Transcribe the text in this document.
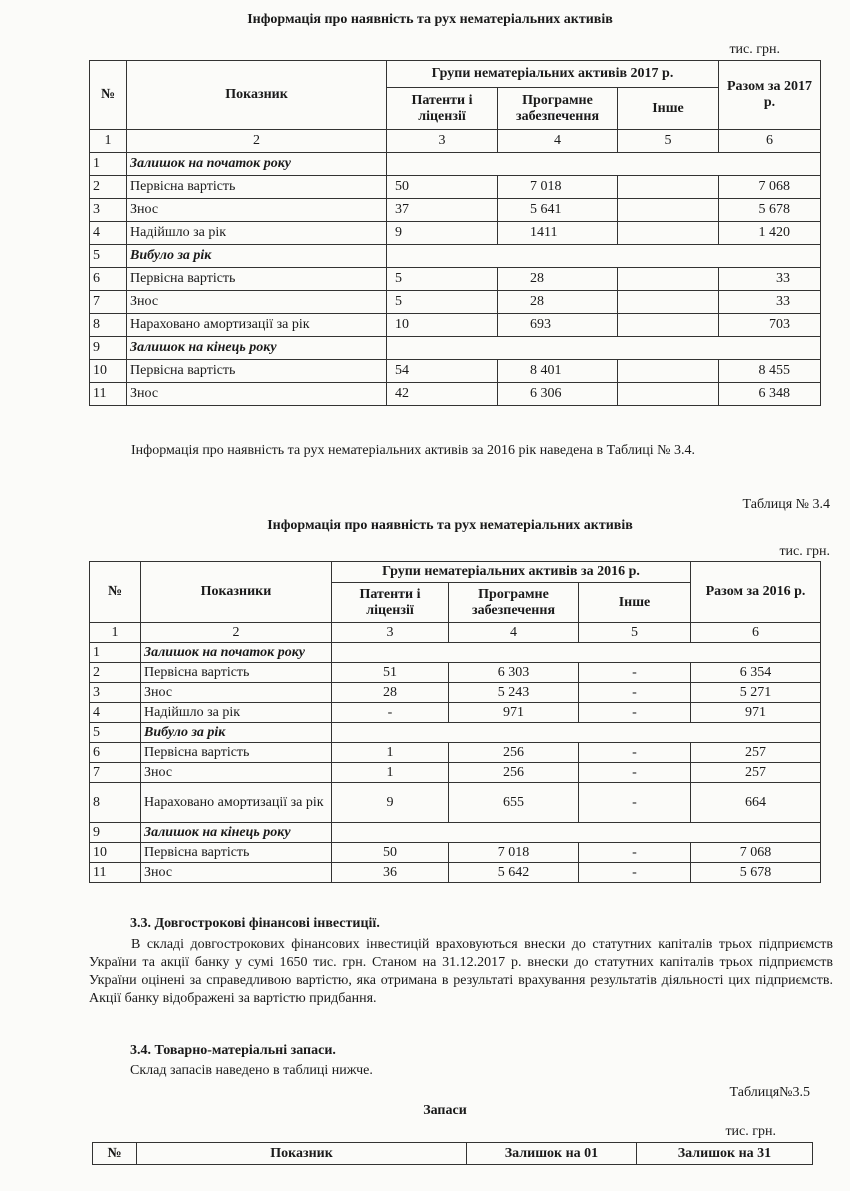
Інформація про наявність та рух нематеріальних активів
тис. грн.
№	Показник	Групи нематеріальних активів 2017 р.			Разом за 2017 р.
		Патенти і ліцензії	Програмне забезпечення	Інше	
1	2	3	4	5	6
1	Залишок на початок року				
2	Первісна вартість	50	7 018		7 068
3	Знос	37	5 641		5 678
4	Надійшло за рік	9	1411		1 420
5	Вибуло за рік				
6	Первісна вартість	5	28		33
7	Знос	5	28		33
8	Нараховано амортизації за рік	10	693		703
9	Залишок на кінець року				
10	Первісна вартість	54	8 401		8 455
11	Знос	42	6 306		6 348
Інформація про наявність та рух нематеріальних активів за 2016 рік наведена в Таблиці № 3.4.
Таблиця № 3.4
Інформація про наявність та рух нематеріальних активів
тис. грн.
№	Показники	Групи нематеріальних активів за 2016 р.			Разом за 2016 р.
		Патенти і ліцензії	Програмне забезпечення	Інше	
1	2	3	4	5	6
1	Залишок на початок року				
2	Первісна вартість	51	6 303	-	6 354
3	Знос	28	5 243	-	5 271
4	Надійшло за рік	-	971	-	971
5	Вибуло за рік				
6	Первісна вартість	1	256	-	257
7	Знос	1	256	-	257
8	Нараховано амортизації за рік	9	655	-	664
9	Залишок на кінець року				
10	Первісна вартість	50	7 018	-	7 068
11	Знос	36	5 642	-	5 678
3.3. Довгострокові фінансові інвестиції.
В складі довгострокових фінансових інвестицій враховуються внески до статутних капіталів трьох підприємств України та акції банку у сумі 1650 тис. грн. Станом на 31.12.2017 р. внески до статутних капіталів трьох підприємств України оцінені за справедливою вартістю, яка отримана в результаті врахування результатів діяльності цих підприємств. Акції банку відображені за вартістю придбання.
3.4. Товарно-матеріальні запаси.
Склад запасів наведено в таблиці нижче.
Таблиця№3.5
Запаси
тис. грн.
№	Показник	Залишок на 01	Залишок на 31
